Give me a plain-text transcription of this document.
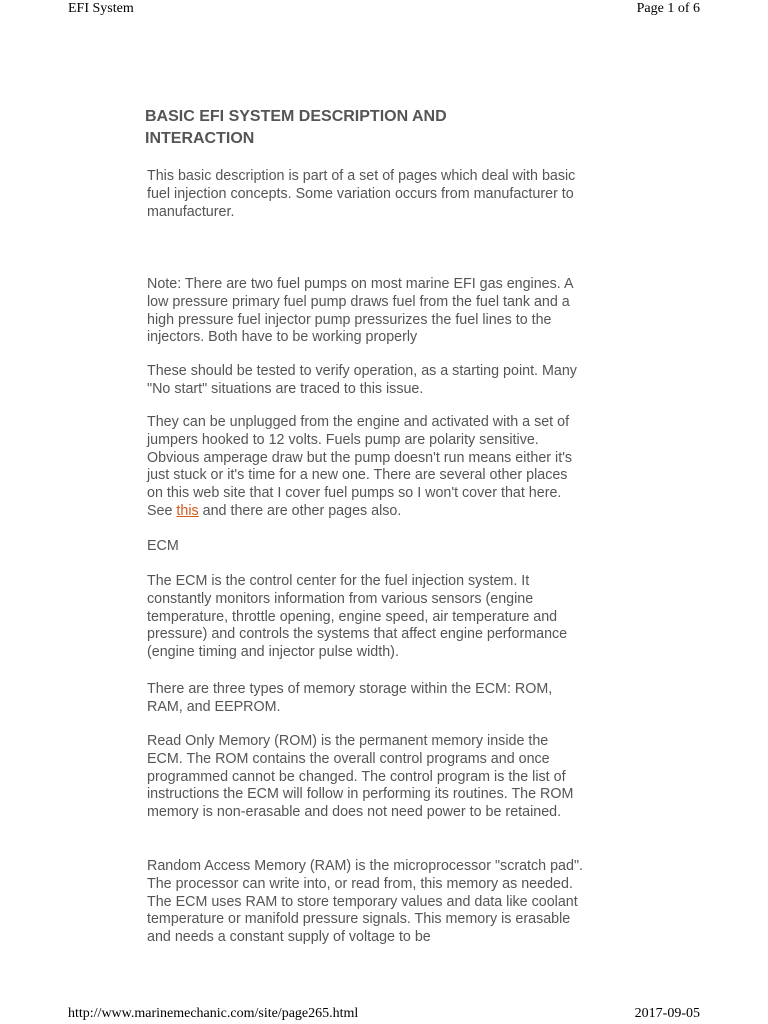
EFI System	Page 1 of 6
BASIC EFI SYSTEM DESCRIPTION AND INTERACTION

This basic description is part of a set of pages which deal with basic fuel injection concepts. Some variation occurs from manufacturer to manufacturer.

Note: There are two fuel pumps on most marine EFI gas engines. A low pressure primary fuel pump draws fuel from the fuel tank and a high pressure fuel injector pump pressurizes the fuel lines to the injectors. Both have to be working properly

These should be tested to verify operation, as a starting point. Many "No start" situations are traced to this issue.

They can be unplugged from the engine and activated with a set of jumpers hooked to 12 volts. Fuels pump are polarity sensitive. Obvious amperage draw but the pump doesn't run means either it's just stuck or it's time for a new one. There are several other places on this web site that I cover fuel pumps so I won't cover that here. See this and there are other pages also.

ECM

The ECM is the control center for the fuel injection system. It constantly monitors information from various sensors (engine temperature, throttle opening, engine speed, air temperature and pressure) and controls the systems that affect engine performance (engine timing and injector pulse width).

There are three types of memory storage within the ECM: ROM, RAM, and EEPROM.

Read Only Memory (ROM) is the permanent memory inside the ECM. The ROM contains the overall control programs and once programmed cannot be changed. The control program is the list of instructions the ECM will follow in performing its routines. The ROM memory is non-erasable and does not need power to be retained.

Random Access Memory (RAM) is the microprocessor "scratch pad". The processor can write into, or read from, this memory as needed. The ECM uses RAM to store temporary values and data like coolant temperature or manifold pressure signals. This memory is erasable and needs a constant supply of voltage to be

http://www.marinemechanic.com/site/page265.html	2017-09-05
